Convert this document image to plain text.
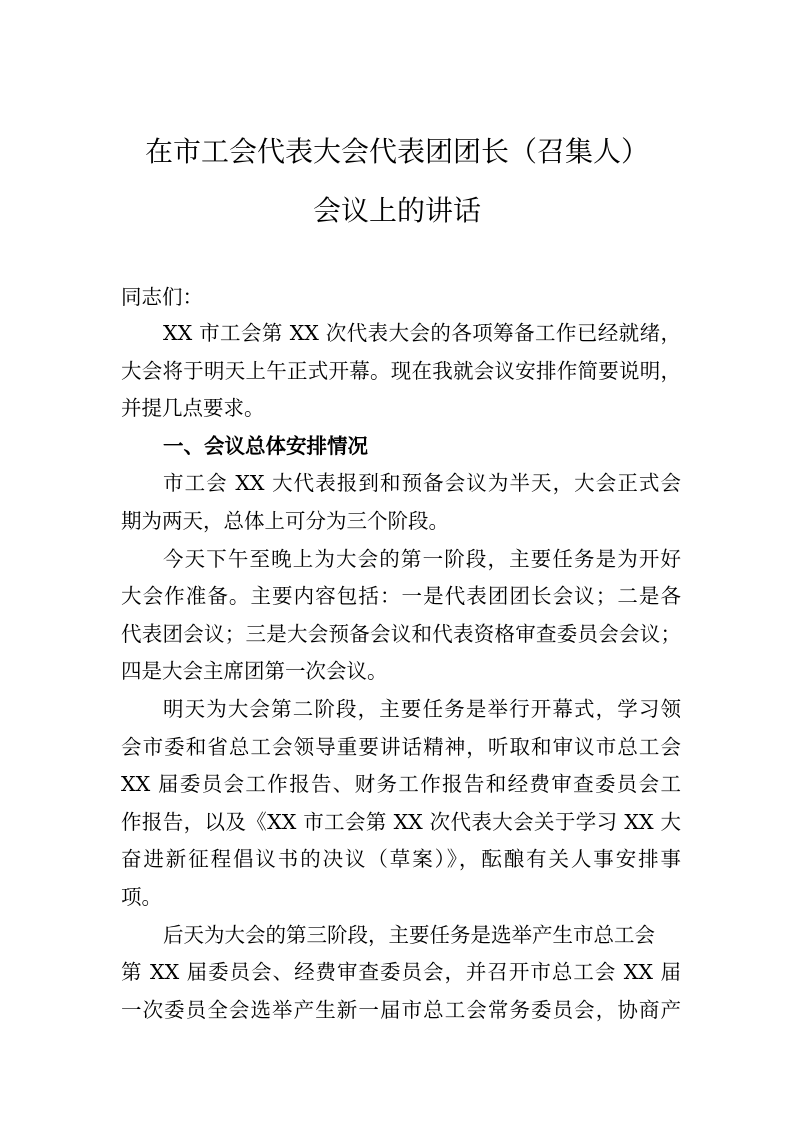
在市工会代表大会代表团团长（召集人）
会议上的讲话

同志们：

XX 市工会第 XX 次代表大会的各项筹备工作已经就绪，

大会将于明天上午正式开幕。现在我就会议安排作简要说明，

并提几点要求。

一、会议总体安排情况

市工会 XX 大代表报到和预备会议为半天，大会正式会

期为两天，总体上可分为三个阶段。

今天下午至晚上为大会的第一阶段，主要任务是为开好

大会作准备。主要内容包括：一是代表团团长会议；二是各

代表团会议；三是大会预备会议和代表资格审查委员会会议；

四是大会主席团第一次会议。

明天为大会第二阶段，主要任务是举行开幕式，学习领

会市委和省总工会领导重要讲话精神，听取和审议市总工会

XX 届委员会工作报告、财务工作报告和经费审查委员会工

作报告，以及《XX 市工会第 XX 次代表大会关于学习 XX 大

奋进新征程倡议书的决议（草案）》，酝酿有关人事安排事

项。

后天为大会的第三阶段，主要任务是选举产生市总工会

第 XX 届委员会、经费审查委员会，并召开市总工会 XX 届

一次委员全会选举产生新一届市总工会常务委员会，协商产
